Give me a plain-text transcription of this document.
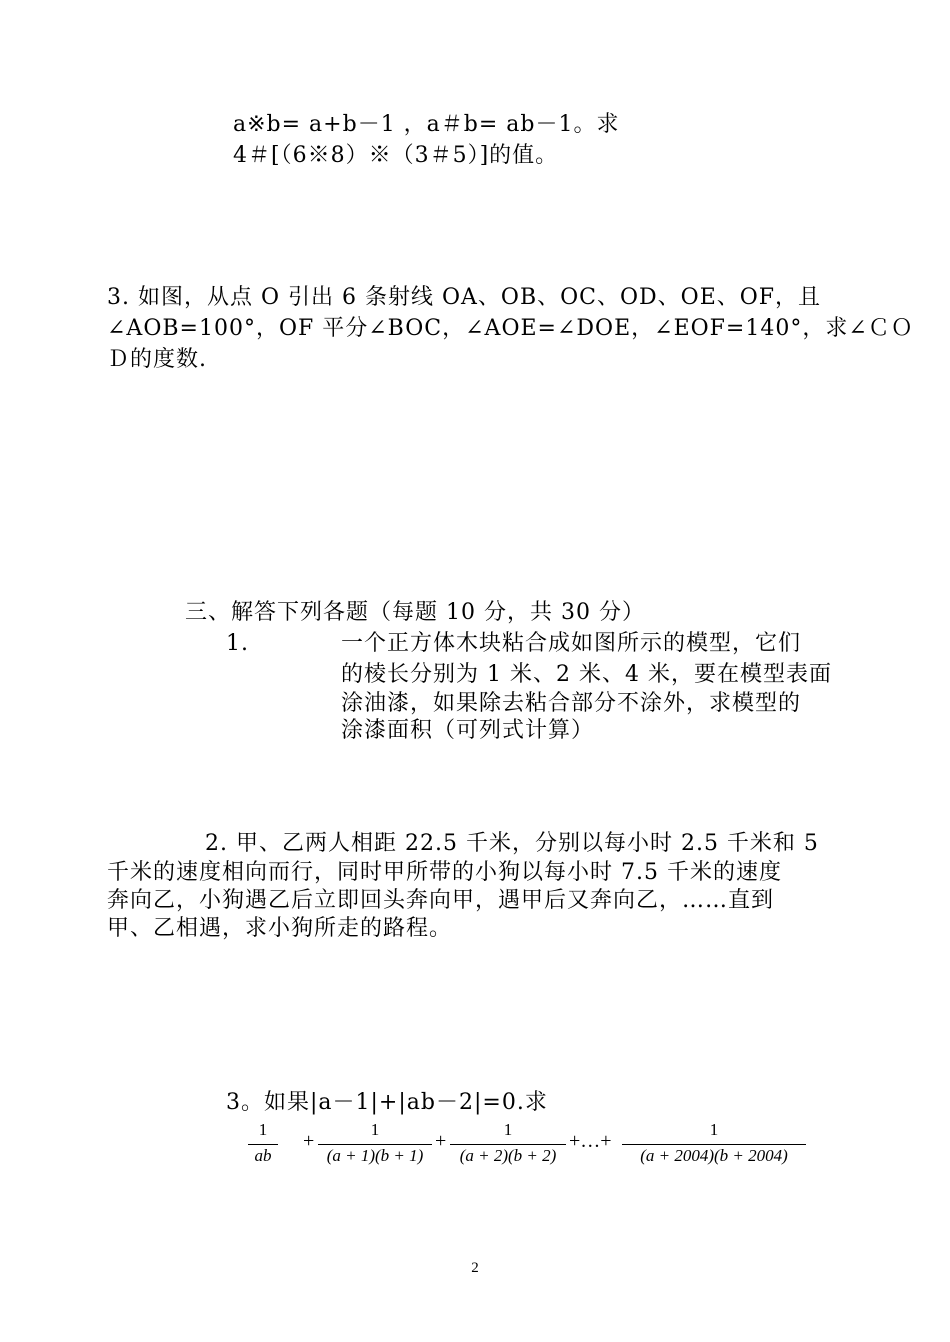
a※b= a+b－1 ，a＃b= ab－1。求
4＃[（6※8）※（3＃5）]的值。
3. 如图，从点 O 引出 6 条射线 OA、OB、OC、OD、OE、OF，且
∠AOB=100°，OF 平分∠BOC，∠AOE=∠DOE，∠EOF=140°，求∠ＣＯ
Ｄ的度数.
三、解答下列各题（每题 10 分，共 30 分）
1.	一个正方体木块粘合成如图所示的模型，它们
的棱长分别为 1 米、2 米、4 米，要在模型表面
涂油漆，如果除去粘合部分不涂外，求模型的
涂漆面积（可列式计算）
2. 甲、乙两人相距 22.5 千米，分别以每小时 2.5 千米和 5
千米的速度相向而行，同时甲所带的小狗以每小时 7.5 千米的速度
奔向乙，小狗遇乙后立即回头奔向甲，遇甲后又奔向乙，……直到
甲、乙相遇，求小狗所走的路程。
3。如果|a－1|+|ab－2|=0.求
1
ab
+
1
(a + 1)(b + 1)
+
1
(a + 2)(b + 2)
+…+
1
(a + 2004)(b + 2004)
2
